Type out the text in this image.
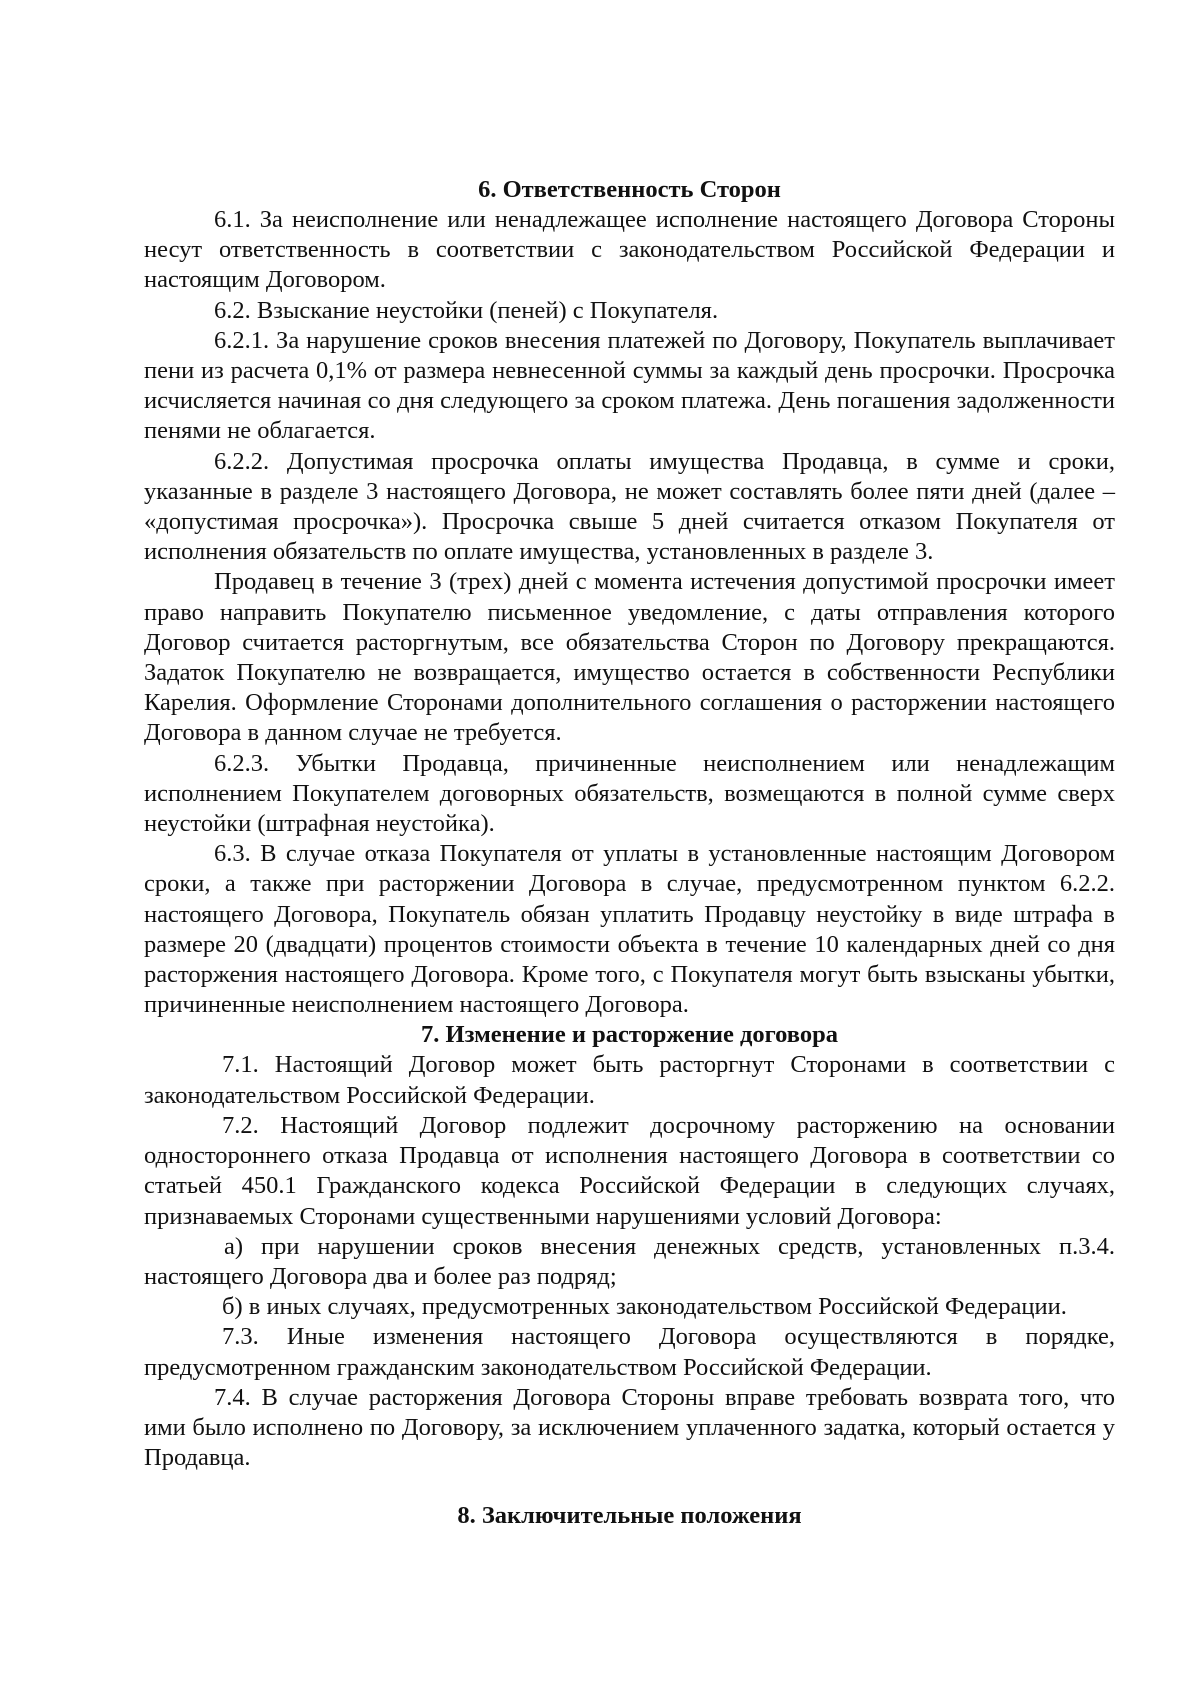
6. Ответственность Сторон

6.1. За неисполнение или ненадлежащее исполнение настоящего Договора Стороны несут ответственность в соответствии с законодательством Российской Федерации и настоящим Договором.

6.2. Взыскание неустойки (пеней) с Покупателя.

6.2.1. За нарушение сроков внесения платежей по Договору, Покупатель выплачивает пени из расчета 0,1% от размера невнесенной суммы за каждый день просрочки. Просрочка исчисляется начиная со дня следующего за сроком платежа. День погашения задолженности пенями не облагается.

6.2.2. Допустимая просрочка оплаты имущества Продавца, в сумме и сроки, указанные в разделе 3 настоящего Договора, не может составлять более пяти дней (далее – «допустимая просрочка»). Просрочка свыше 5 дней считается отказом Покупателя от исполнения обязательств по оплате имущества, установленных в разделе 3.

Продавец в течение 3 (трех) дней с момента истечения допустимой просрочки имеет право направить Покупателю письменное уведомление, с даты отправления которого Договор считается расторгнутым, все обязательства Сторон по Договору прекращаются. Задаток Покупателю не возвращается, имущество остается в собственности Республики Карелия. Оформление Сторонами дополнительного соглашения о расторжении настоящего Договора в данном случае не требуется.

6.2.3. Убытки Продавца, причиненные неисполнением или ненадлежащим исполнением Покупателем договорных обязательств, возмещаются в полной сумме сверх неустойки (штрафная неустойка).

6.3. В случае отказа Покупателя от уплаты в установленные настоящим Договором сроки, а также при расторжении Договора в случае, предусмотренном пунктом 6.2.2. настоящего Договора, Покупатель обязан уплатить Продавцу неустойку в виде штрафа в размере 20 (двадцати) процентов стоимости объекта в течение 10 календарных дней со дня расторжения настоящего Договора. Кроме того, с Покупателя могут быть взысканы убытки, причиненные неисполнением настоящего Договора.

7. Изменение и расторжение договора

7.1. Настоящий Договор может быть расторгнут Сторонами в соответствии с законодательством Российской Федерации.

7.2. Настоящий Договор подлежит досрочному расторжению на основании одностороннего отказа Продавца от исполнения настоящего Договора в соответствии со статьей 450.1 Гражданского кодекса Российской Федерации в следующих случаях, признаваемых Сторонами существенными нарушениями условий Договора:

а) при нарушении сроков внесения денежных средств, установленных п.3.4. настоящего Договора два и более раз подряд;

б) в иных случаях, предусмотренных законодательством Российской Федерации.

7.3. Иные изменения настоящего Договора осуществляются в порядке, предусмотренном гражданским законодательством Российской Федерации.

7.4. В случае расторжения Договора Стороны вправе требовать возврата того, что ими было исполнено по Договору, за исключением уплаченного задатка, который остается у Продавца.

8. Заключительные положения
